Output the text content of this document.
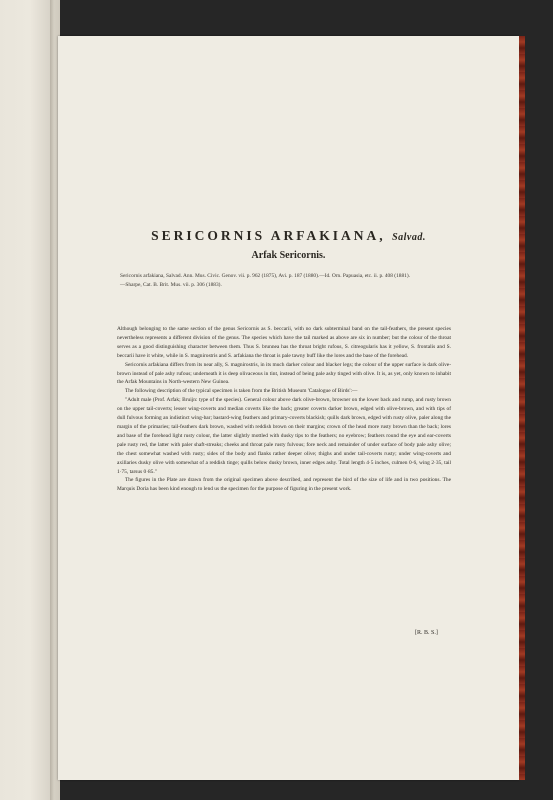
SERICORNIS ARFAKIANA, Salvad.
Arfak Sericornis.

Sericornis arfakiana, Salvad. Ann. Mus. Civic. Genov. vii. p. 962 (1875), Avi. p. 187 (1880).—Id. Orn. Papuasia, etc. ii. p. 408 (1881).—Sharpe, Cat. B. Brit. Mus. vii. p. 306 (1883).

Although belonging to the same section of the genus Sericornis as S. beccarii, with no dark subterminal band on the tail-feathers, the present species nevertheless represents a different division of the genus. The species which have the tail marked as above are six in number; but the colour of the throat serves as a good distinguishing character between them. Thus S. brunnea has the throat bright rufous, S. citreogularis has it yellow, S. frontalis and S. beccarii have it white, while in S. magnirostris and S. arfakiana the throat is pale tawny buff like the lores and the base of the forehead.

Sericornis arfakiana differs from its near ally, S. magnirostris, in its much darker colour and blacker legs; the colour of the upper surface is dark olive-brown instead of pale ashy rufous; underneath it is deep olivaceous in tint, instead of being pale ashy tinged with olive. It is, as yet, only known to inhabit the Arfak Mountains in North-western New Guinea.

The following description of the typical specimen is taken from the British Museum 'Catalogue of Birds':—

"Adult male (Prof. Arfak; Bruijn: type of the species). General colour above dark olive-brown, browner on the lower back and rump, and rusty brown on the upper tail-coverts; lesser wing-coverts and median coverts like the back; greater coverts darker brown, edged with olive-brown, and with tips of dull fulvous forming an indistinct wing-bar; bastard-wing feathers and primary-coverts blackish; quills dark brown, edged with rusty olive, paler along the margin of the primaries; tail-feathers dark brown, washed with reddish brown on their margins; crown of the head more rusty brown than the back; lores and base of the forehead light rusty colour, the latter slightly mottled with dusky tips to the feathers; no eyebrow; feathers round the eye and ear-coverts pale rusty red, the latter with paler shaft-streaks; cheeks and throat pale rusty fulvous; fore neck and remainder of under surface of body pale ashy olive; the chest somewhat washed with rusty; sides of the body and flanks rather deeper olive; thighs and under tail-coverts rusty; under wing-coverts and axillaries dusky olive with somewhat of a reddish tinge; quills below dusky brown, inner edges ashy. Total length 4·5 inches, culmen 0·6, wing 2·35, tail 1·75, tarsus 0·85."

The figures in the Plate are drawn from the original specimen above described, and represent the bird of the size of life and in two positions. The Marquis Doria has been kind enough to lend us the specimen for the purpose of figuring in the present work.

[R. B. S.]
